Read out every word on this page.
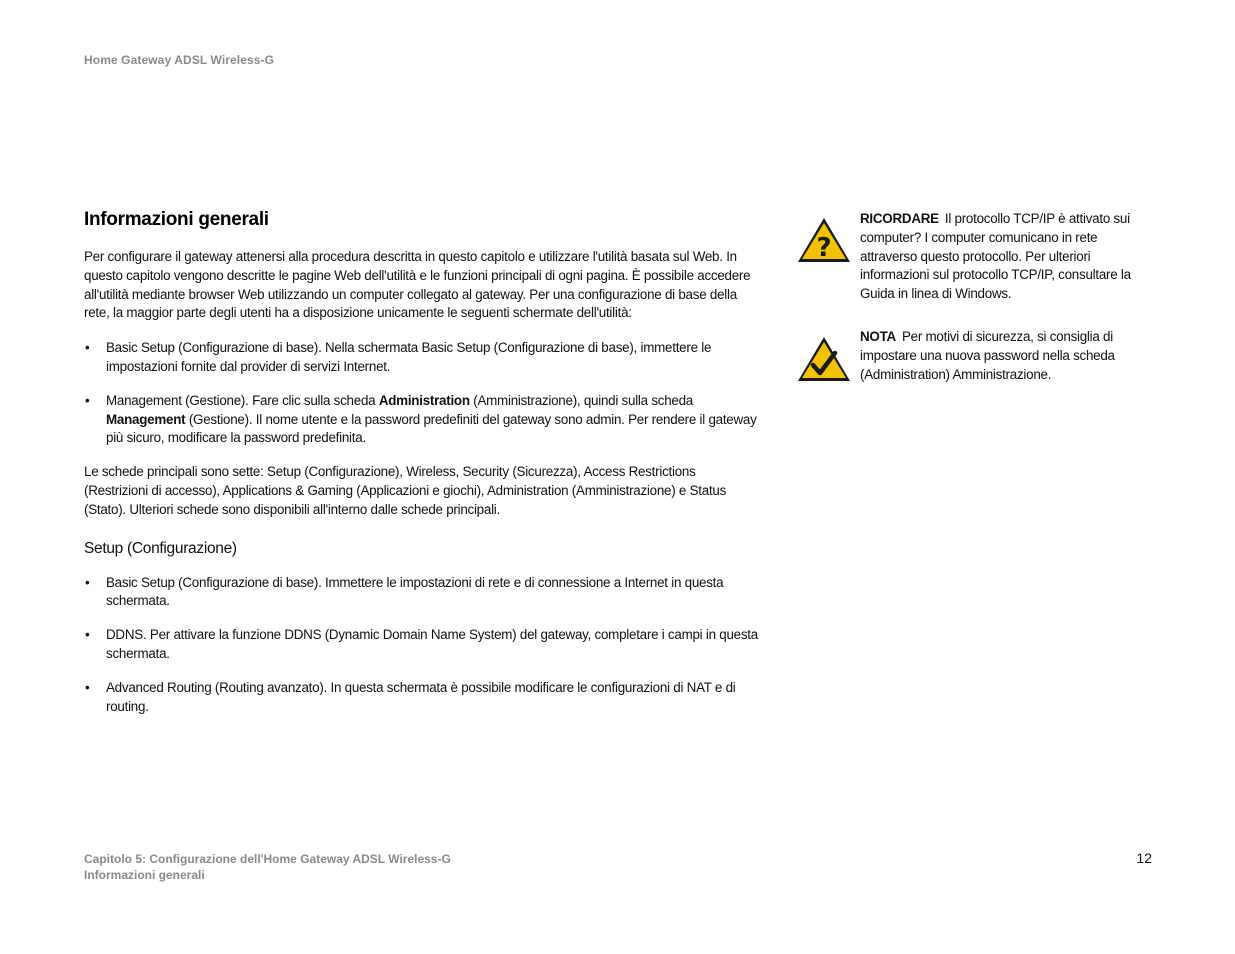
Home Gateway ADSL Wireless-G
Informazioni generali

Per configurare il gateway attenersi alla procedura descritta in questo capitolo e utilizzare l'utilità basata sul Web. In questo capitolo vengono descritte le pagine Web dell'utilità e le funzioni principali di ogni pagina. È possibile accedere all'utilità mediante browser Web utilizzando un computer collegato al gateway. Per una configurazione di base della rete, la maggior parte degli utenti ha a disposizione unicamente le seguenti schermate dell'utilità:

• Basic Setup (Configurazione di base). Nella schermata Basic Setup (Configurazione di base), immettere le impostazioni fornite dal provider di servizi Internet.
• Management (Gestione). Fare clic sulla scheda Administration (Amministrazione), quindi sulla scheda Management (Gestione). Il nome utente e la password predefiniti del gateway sono admin. Per rendere il gateway più sicuro, modificare la password predefinita.

Le schede principali sono sette: Setup (Configurazione), Wireless, Security (Sicurezza), Access Restrictions (Restrizioni di accesso), Applications & Gaming (Applicazioni e giochi), Administration (Amministrazione) e Status (Stato). Ulteriori schede sono disponibili all'interno dalle schede principali.

Setup (Configurazione)
• Basic Setup (Configurazione di base). Immettere le impostazioni di rete e di connessione a Internet in questa schermata.
• DDNS. Per attivare la funzione DDNS (Dynamic Domain Name System) del gateway, completare i campi in questa schermata.
• Advanced Routing (Routing avanzato). In questa schermata è possibile modificare le configurazioni di NAT e di routing.
?
RICORDARE Il protocollo TCP/IP è attivato sui computer? I computer comunicano in rete attraverso questo protocollo. Per ulteriori informazioni sul protocollo TCP/IP, consultare la Guida in linea di Windows.
NOTA Per motivi di sicurezza, si consiglia di impostare una nuova password nella scheda (Administration) Amministrazione.
Capitolo 5: Configurazione dell'Home Gateway ADSL Wireless-G
Informazioni generali
12
